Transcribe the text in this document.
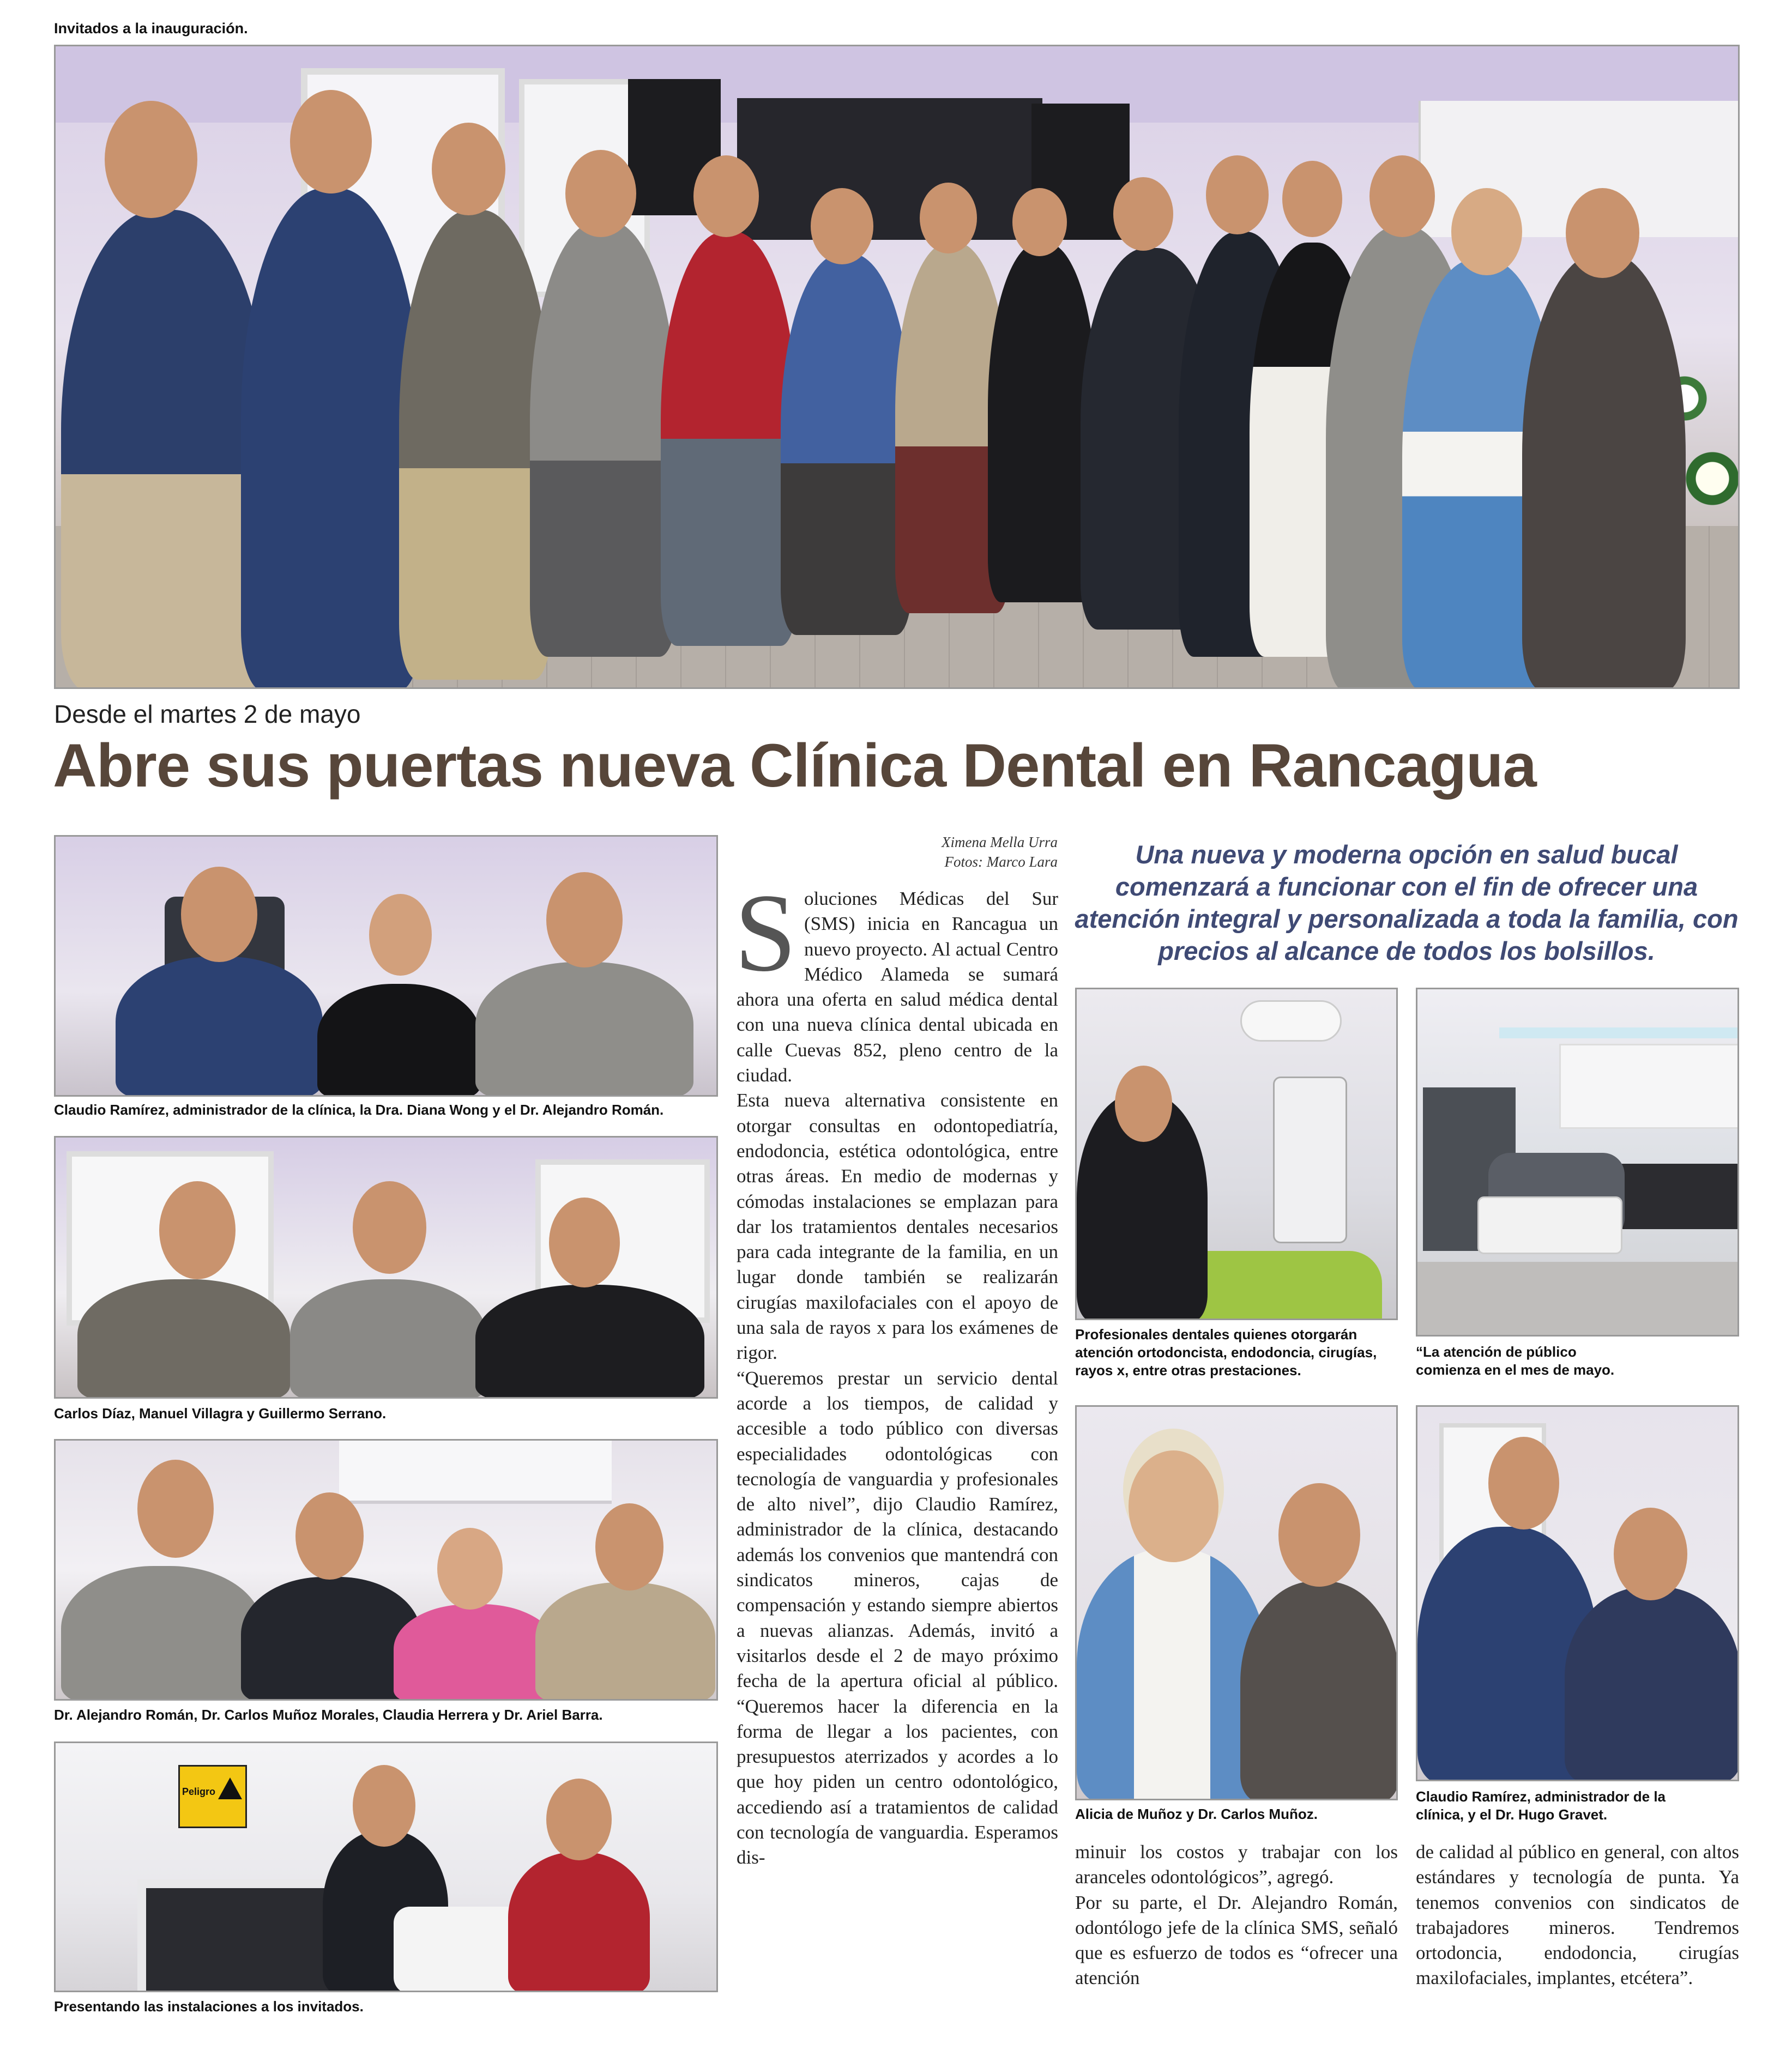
Invitados a la inauguración.
Desde el martes 2 de mayo
Abre sus puertas nueva Clínica Dental en Rancagua
Claudio Ramírez, administrador de la clínica, la Dra. Diana Wong y el Dr. Alejandro Román.
Carlos Díaz, Manuel Villagra y Guillermo Serrano.
Dr. Alejandro Román, Dr. Carlos Muñoz Morales, Claudia Herrera y Dr. Ariel Barra.
Peligro
Presentando las instalaciones a los invitados.
Ximena Mella Urra
Fotos: Marco Lara
S oluciones Médicas del Sur (SMS) inicia en Rancagua un nuevo proyecto. Al actual Centro Médico Alameda se sumará ahora una oferta en salud médica dental con una nueva clínica dental ubicada en calle Cuevas 852, pleno centro de la ciudad.

Esta nueva alternativa consistente en otorgar consultas en odontopediatría, endodoncia, estética odontológica, entre otras áreas. En medio de modernas y cómodas instalaciones se emplazan para dar los tratamientos dentales necesarios para cada integrante de la familia, en un lugar donde también se realizarán cirugías maxilofaciales con el apoyo de una sala de rayos x para los exámenes de rigor.

“Queremos prestar un servicio dental acorde a los tiempos, de calidad y accesible a todo público con diversas especialidades odontológicas con tecnología de vanguardia y profesionales de alto nivel”, dijo Claudio Ramírez, administrador de la clínica, destacando además los convenios que mantendrá con sindicatos mineros, cajas de compensación y estando siempre abiertos a nuevas alianzas. Además, invitó a visitarlos desde el 2 de mayo próximo fecha de la apertura oficial al público. “Queremos hacer la diferencia en la forma de llegar a los pacientes, con presupuestos aterrizados y acordes a lo que hoy piden un centro odontológico, accediendo así a tratamientos de calidad con tecnología de vanguardia. Esperamos dis-

Una nueva y moderna opción en salud bucal comenzará a funcionar con el fin de ofrecer una atención integral y personalizada a toda la familia, con precios al alcance de todos los bolsillos.
Profesionales dentales quienes otorgarán atención ortodoncista, endodoncia, cirugías, rayos x, entre otras prestaciones.
“La atención de público comienza en el mes de mayo.
Alicia de Muñoz y Dr. Carlos Muñoz.
Claudio Ramírez, administrador de la clínica, y el Dr. Hugo Gravet.

minuir los costos y trabajar con los aranceles odontológicos”, agregó.

Por su parte, el Dr. Alejandro Román, odontólogo jefe de la clínica SMS, señaló que es esfuerzo de todos es “ofrecer una atención

de calidad al público en general, con altos estándares y tecnología de punta. Ya tenemos convenios con sindicatos de trabajadores mineros. Tendremos ortodoncia, endodoncia, cirugías maxilofaciales, implantes, etcétera”.
